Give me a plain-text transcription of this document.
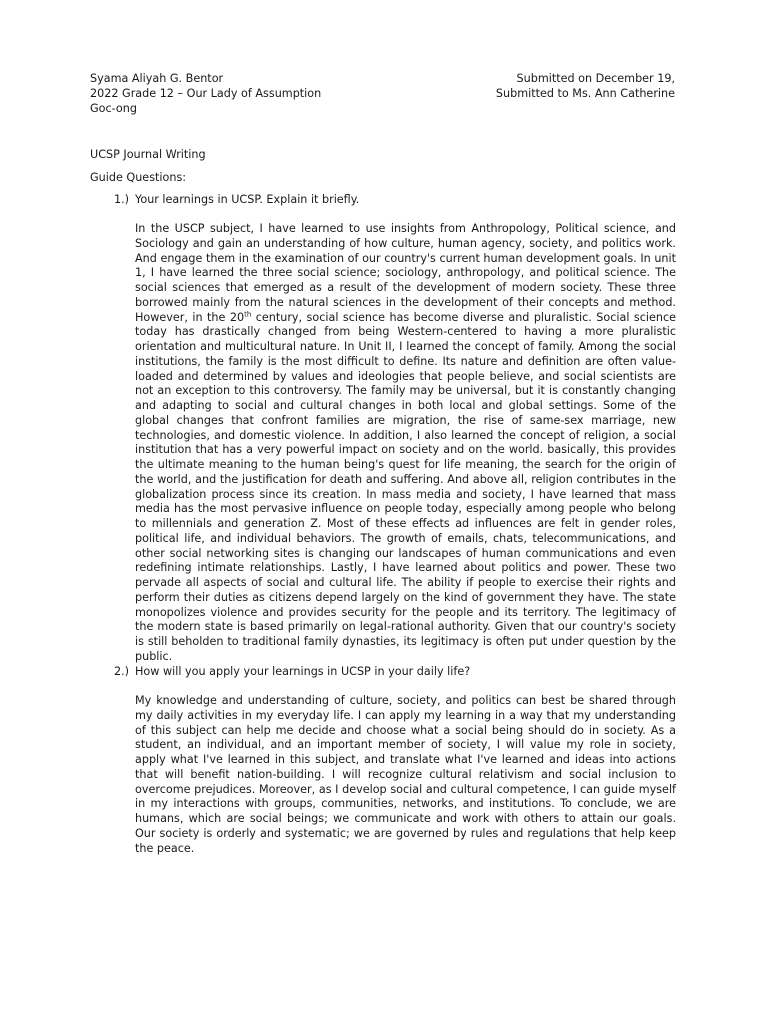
Syama Aliyah G. Bentor	Submitted on December 19,
2022 Grade 12 – Our Lady of Assumption	Submitted to Ms. Ann Catherine
Goc-ong
UCSP Journal Writing
Guide Questions:
1.) Your learnings in UCSP. Explain it briefly.

In the USCP subject, I have learned to use insights from Anthropology, Political science, and Sociology and gain an understanding of how culture, human agency, society, and politics work. And engage them in the examination of our country's current human development goals. In unit 1, I have learned the three social science; sociology, anthropology, and political science. The social sciences that emerged as a result of the development of modern society. These three borrowed mainly from the natural sciences in the development of their concepts and method. However, in the 20th century, social science has become diverse and pluralistic. Social science today has drastically changed from being Western-centered to having a more pluralistic orientation and multicultural nature. In Unit II, I learned the concept of family. Among the social institutions, the family is the most difficult to define. Its nature and definition are often value-loaded and determined by values and ideologies that people believe, and social scientists are not an exception to this controversy. The family may be universal, but it is constantly changing and adapting to social and cultural changes in both local and global settings. Some of the global changes that confront families are migration, the rise of same-sex marriage, new technologies, and domestic violence. In addition, I also learned the concept of religion, a social institution that has a very powerful impact on society and on the world. basically, this provides the ultimate meaning to the human being's quest for life meaning, the search for the origin of the world, and the justification for death and suffering. And above all, religion contributes in the globalization process since its creation. In mass media and society, I have learned that mass media has the most pervasive influence on people today, especially among people who belong to millennials and generation Z. Most of these effects ad influences are felt in gender roles, political life, and individual behaviors. The growth of emails, chats, telecommunications, and other social networking sites is changing our landscapes of human communications and even redefining intimate relationships. Lastly, I have learned about politics and power. These two pervade all aspects of social and cultural life. The ability if people to exercise their rights and perform their duties as citizens depend largely on the kind of government they have. The state monopolizes violence and provides security for the people and its territory. The legitimacy of the modern state is based primarily on legal-rational authority. Given that our country's society is still beholden to traditional family dynasties, its legitimacy is often put under question by the public.

2.) How will you apply your learnings in UCSP in your daily life?

My knowledge and understanding of culture, society, and politics can best be shared through my daily activities in my everyday life. I can apply my learning in a way that my understanding of this subject can help me decide and choose what a social being should do in society. As a student, an individual, and an important member of society, I will value my role in society, apply what I've learned in this subject, and translate what I've learned and ideas into actions that will benefit nation-building. I will recognize cultural relativism and social inclusion to overcome prejudices. Moreover, as I develop social and cultural competence, I can guide myself in my interactions with groups, communities, networks, and institutions. To conclude, we are humans, which are social beings; we communicate and work with others to attain our goals. Our society is orderly and systematic; we are governed by rules and regulations that help keep the peace.
